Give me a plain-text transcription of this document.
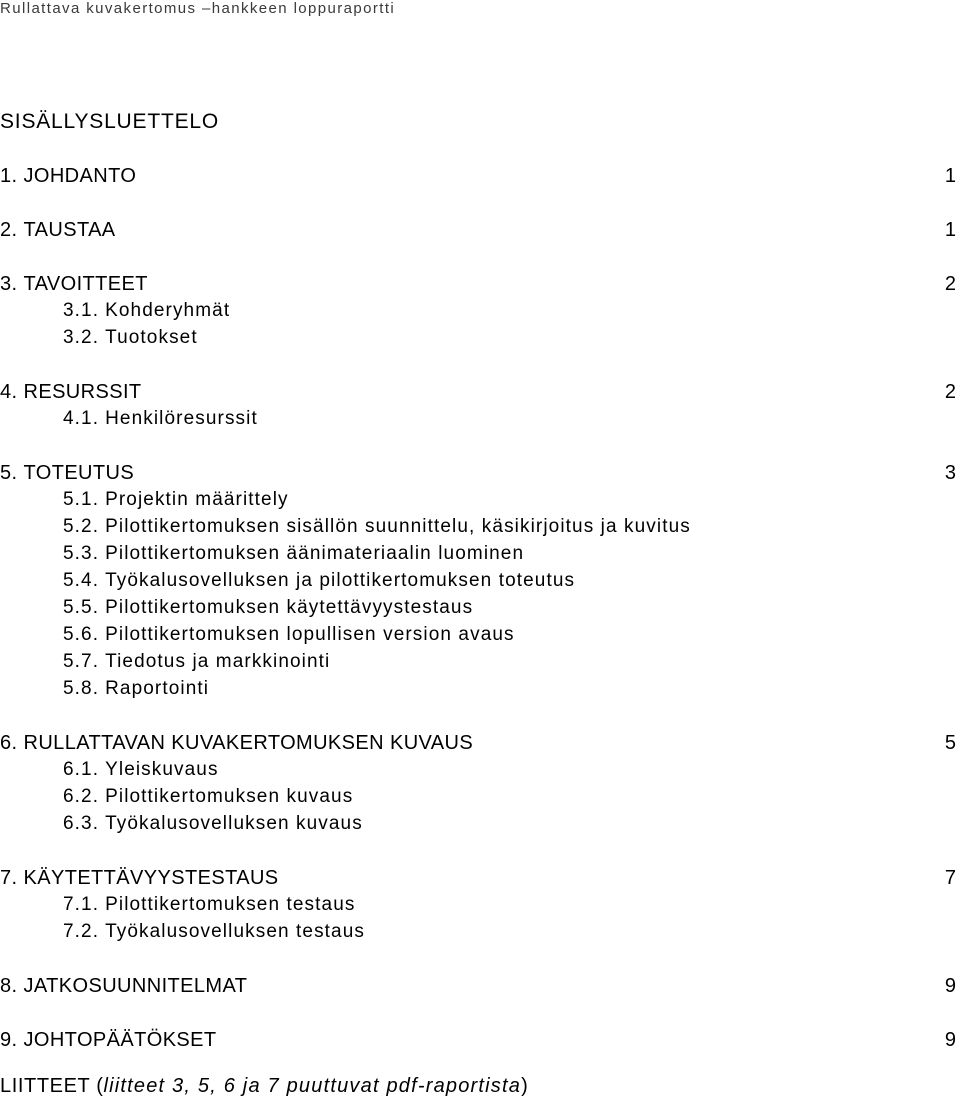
Rullattava kuvakertomus –hankkeen loppuraportti
SISÄLLYSLUETTELO
1. JOHDANTO	1
2. TAUSTAA	1
3. TAVOITTEET	2
3.1. Kohderyhmät
3.2. Tuotokset
4. RESURSSIT	2
4.1. Henkilöresurssit
5. TOTEUTUS	3
5.1. Projektin määrittely
5.2. Pilottikertomuksen sisällön suunnittelu, käsikirjoitus ja kuvitus
5.3. Pilottikertomuksen äänimateriaalin luominen
5.4. Työkalusovelluksen ja pilottikertomuksen toteutus
5.5. Pilottikertomuksen käytettävyystestaus
5.6. Pilottikertomuksen lopullisen version avaus
5.7. Tiedotus ja markkinointi
5.8. Raportointi
6. RULLATTAVAN KUVAKERTOMUKSEN KUVAUS	5
6.1. Yleiskuvaus
6.2. Pilottikertomuksen kuvaus
6.3. Työkalusovelluksen kuvaus
7. KÄYTETTÄVYYSTESTAUS	7
7.1. Pilottikertomuksen testaus
7.2. Työkalusovelluksen testaus
8. JATKOSUUNNITELMAT	9
9. JOHTOPÄÄTÖKSET	9
LIITTEET (liitteet 3, 5, 6 ja 7 puuttuvat pdf-raportista)
